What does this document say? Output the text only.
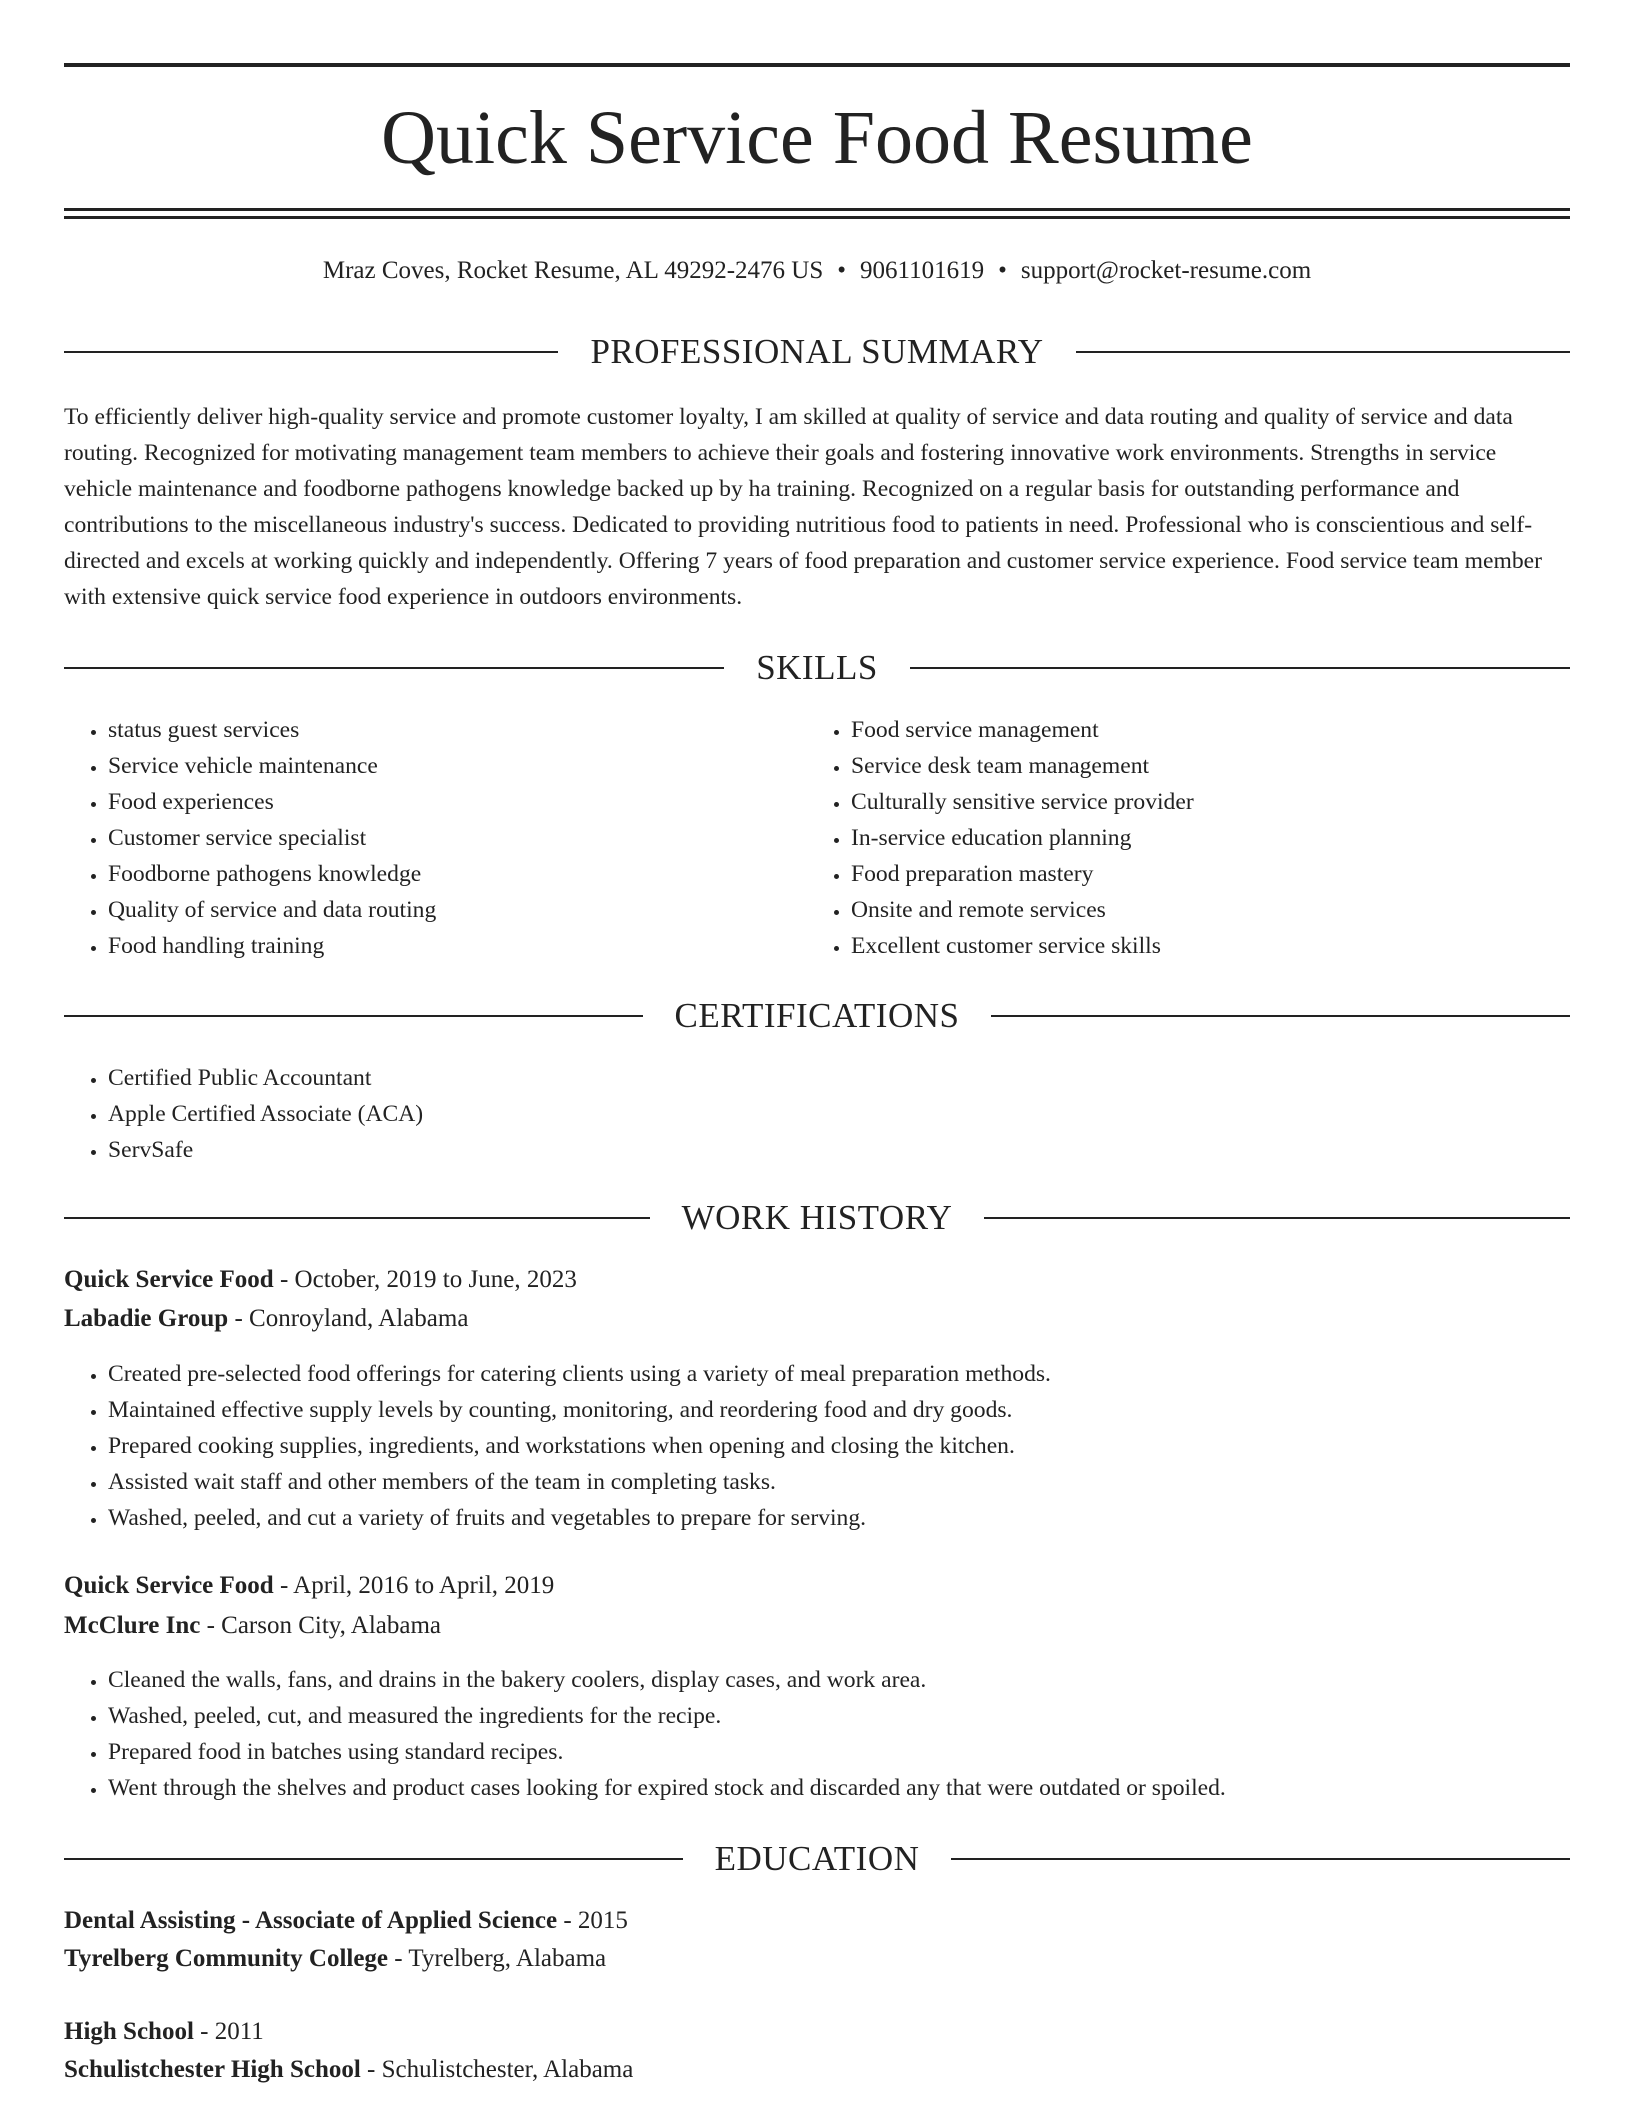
Quick Service Food Resume
Mraz Coves, Rocket Resume, AL 49292-2476 US • 9061101619 • support@rocket-resume.com
PROFESSIONAL SUMMARY

To efficiently deliver high-quality service and promote customer loyalty, I am skilled at quality of service and data routing and quality of service and data routing. Recognized for motivating management team members to achieve their goals and fostering innovative work environments. Strengths in service vehicle maintenance and foodborne pathogens knowledge backed up by ha training. Recognized on a regular basis for outstanding performance and contributions to the miscellaneous industry's success. Dedicated to providing nutritious food to patients in need. Professional who is conscientious and self-directed and excels at working quickly and independently. Offering 7 years of food preparation and customer service experience. Food service team member with extensive quick service food experience in outdoors environments.

SKILLS
• status guest services
• Service vehicle maintenance
• Food experiences
• Customer service specialist
• Foodborne pathogens knowledge
• Quality of service and data routing
• Food handling training
• Food service management
• Service desk team management
• Culturally sensitive service provider
• In-service education planning
• Food preparation mastery
• Onsite and remote services
• Excellent customer service skills
CERTIFICATIONS
• Certified Public Accountant
• Apple Certified Associate (ACA)
• ServSafe
WORK HISTORY
Quick Service Food - October, 2019 to June, 2023
Labadie Group - Conroyland, Alabama
• Created pre-selected food offerings for catering clients using a variety of meal preparation methods.
• Maintained effective supply levels by counting, monitoring, and reordering food and dry goods.
• Prepared cooking supplies, ingredients, and workstations when opening and closing the kitchen.
• Assisted wait staff and other members of the team in completing tasks.
• Washed, peeled, and cut a variety of fruits and vegetables to prepare for serving.
Quick Service Food - April, 2016 to April, 2019
McClure Inc - Carson City, Alabama
• Cleaned the walls, fans, and drains in the bakery coolers, display cases, and work area.
• Washed, peeled, cut, and measured the ingredients for the recipe.
• Prepared food in batches using standard recipes.
• Went through the shelves and product cases looking for expired stock and discarded any that were outdated or spoiled.
EDUCATION
Dental Assisting - Associate of Applied Science - 2015
Tyrelberg Community College - Tyrelberg, Alabama
High School - 2011
Schulistchester High School - Schulistchester, Alabama
